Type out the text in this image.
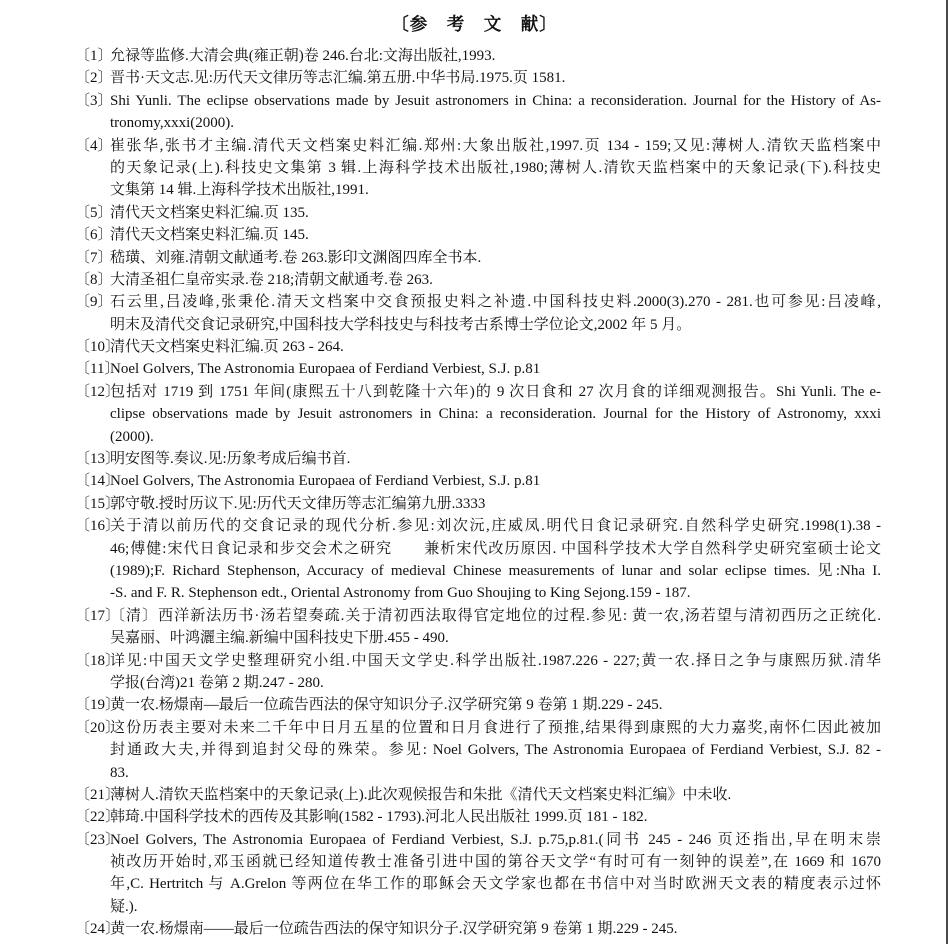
〔参　考　文　献〕
〔1〕
允禄等监修.大清会典(雍正朝)卷 246.台北:文海出版社,1993.
〔2〕
晋书·天文志.见:历代天文律历等志汇编.第五册.中华书局.1975.页 1581.
〔3〕
Shi Yunli. The eclipse observations made by Jesuit astronomers in China: a reconsideration. Journal for the History of As-
tronomy,xxxi(2000).
〔4〕
崔张华,张书才主编.清代天文档案史料汇编.郑州:大象出版社,1997.页 134 - 159;又见:薄树人.清钦天监档案中
的天象记录(上).科技史文集第 3 辑.上海科学技术出版社,1980;薄树人.清钦天监档案中的天象记录(下).科技史
文集第 14 辑.上海科学技术出版社,1991.
〔5〕
清代天文档案史料汇编.页 135.
〔6〕
清代天文档案史料汇编.页 145.
〔7〕
嵇璜、刘雍.清朝文献通考.卷 263.影印文渊阁四库全书本.
〔8〕
大清圣祖仁皇帝实录.卷 218;清朝文献通考.卷 263.
〔9〕
石云里,吕凌峰,张秉伦.清天文档案中交食预报史料之补遗.中国科技史料.2000(3).270 - 281.也可参见:吕凌峰,
明末及清代交食记录研究,中国科技大学科技史与科技考古系博士学位论文,2002 年 5 月。
〔10〕
清代天文档案史料汇编.页 263 - 264.
〔11〕
Noel Golvers, The Astronomia Europaea of Ferdiand Verbiest, S.J. p.81
〔12〕
包括对 1719 到 1751 年间(康熙五十八到乾隆十六年)的 9 次日食和 27 次月食的详细观测报告。Shi Yunli. The e-
clipse observations made by Jesuit astronomers in China: a reconsideration. Journal for the History of Astronomy, xxxi
(2000).
〔13〕
明安图等.奏议.见:历象考成后编书首.
〔14〕
Noel Golvers, The Astronomia Europaea of Ferdiand Verbiest, S.J. p.81
〔15〕
郭守敬.授时历议下.见:历代天文律历等志汇编第九册.3333
〔16〕
关于清以前历代的交食记录的现代分析.参见:刘次沅,庄威凤.明代日食记录研究.自然科学史研究.1998(1).38 -
46;傅健:宋代日食记录和步交会术之研究　　兼析宋代改历原因. 中国科学技术大学自然科学史研究室硕士论文
(1989);F. Richard Stephenson, Accuracy of medieval Chinese measurements of lunar and solar eclipse times. 见:Nha I.
-S. and F. R. Stephenson edt., Oriental Astronomy from Guo Shoujing to King Sejong.159 - 187.
〔17〕
〔清〕西洋新法历书·汤若望奏疏.关于清初西法取得官定地位的过程.参见: 黄一农,汤若望与清初西历之正统化.
吴嘉丽、叶鸿灑主编.新编中国科技史下册.455 - 490.
〔18〕
详见:中国天文学史整理研究小组.中国天文学史.科学出版社.1987.226 - 227;黄一农.择日之争与康熙历狱.清华
学报(台湾)21 卷第 2 期.247 - 280.
〔19〕
黄一农.杨燝南—最后一位疏告西法的保守知识分子.汉学研究第 9 卷第 1 期.229 - 245.
〔20〕
这份历表主要对未来二千年中日月五星的位置和日月食进行了预推,结果得到康熙的大力嘉奖,南怀仁因此被加
封通政大夫,并得到追封父母的殊荣。参见: Noel Golvers, The Astronomia Europaea of Ferdiand Verbiest, S.J. 82 -
83.
〔21〕
薄树人.清钦天监档案中的天象记录(上).此次观候报告和朱批《清代天文档案史料汇编》中未收.
〔22〕
韩琦.中国科学技术的西传及其影响(1582 - 1793).河北人民出版社 1999.页 181 - 182.
〔23〕
Noel Golvers, The Astronomia Europaea of Ferdiand Verbiest, S.J. p.75,p.81.(同书 245 - 246 页还指出,早在明末崇
祯改历开始时,邓玉函就已经知道传教士准备引进中国的第谷天文学“有时可有一刻钟的误差”,在 1669 和 1670
年,C. Hertritch 与 A.Grelon 等两位在华工作的耶稣会天文学家也都在书信中对当时欧洲天文表的精度表示过怀
疑.).
〔24〕
黄一农.杨燝南——最后一位疏告西法的保守知识分子.汉学研究第 9 卷第 1 期.229 - 245.
